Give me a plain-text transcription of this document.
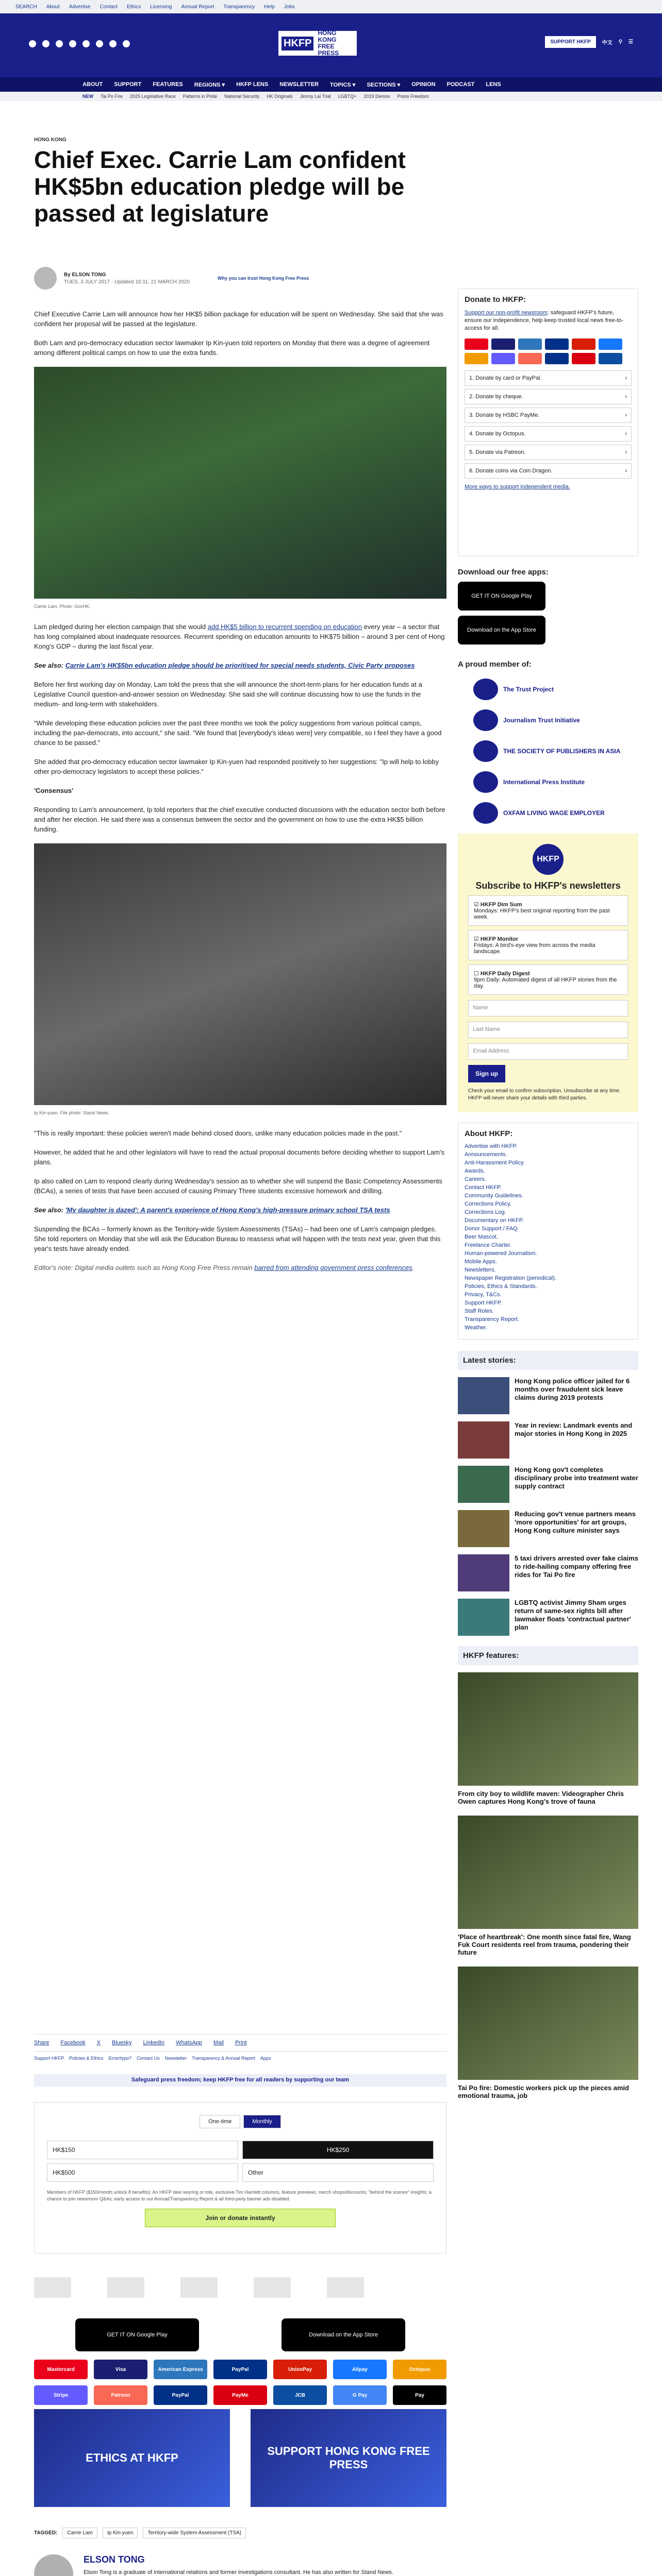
SEARCH About Advertise Contact Ethics Licensing Annual Report Transparency Help Jobs
HKFP
HONG KONG
FREE PRESS
SUPPORT HKFP	中文 ⚲ ☰
ABOUT SUPPORT FEATURES REGIONS ▾ HKFP LENS NEWSLETTER TOPICS ▾ SECTIONS ▾ OPINION PODCAST LENS
NEW Tai Po Fire 2025 Legislative Race Patterns in Pride National Security HK Originals Jimmy Lai Trial LGBTQ+ 2019 Demos Press Freedom
HONG KONG
Chief Exec. Carrie Lam confident HK$5bn education pledge will be passed at legislature
By ELSON TONG
TUES, 3 JULY 2017 · Updated 15:11, 21 MARCH 2020
Why you can trust Hong Kong Free Press

Chief Executive Carrie Lam will announce how her HK$5 billion package for education will be spent on Wednesday. She said that she was confident her proposal will be passed at the legislature.

Both Lam and pro-democracy education sector lawmaker Ip Kin-yuen told reporters on Monday that there was a degree of agreement among different political camps on how to use the extra funds.

Carrie Lam. Photo: GovHK.

Lam pledged during her election campaign that she would add HK$5 billion to recurrent spending on education every year – a sector that has long complained about inadequate resources. Recurrent spending on education amounts to HK$75 billion – around 3 per cent of Hong Kong's GDP – during the last fiscal year.

See also: Carrie Lam's HK$5bn education pledge should be prioritised for special needs students, Civic Party proposes

Before her first working day on Monday, Lam told the press that she will announce the short-term plans for her education funds at a Legislative Council question-and-answer session on Wednesday. She said she will continue discussing how to use the funds in the medium- and long-term with stakeholders.

"While developing these education policies over the past three months we took the policy suggestions from various political camps, including the pan-democrats, into account," she said. "We found that [everybody's ideas were] very compatible, so I feel they have a good chance to be passed."

She added that pro-democracy education sector lawmaker Ip Kin-yuen had responded positively to her suggestions: "Ip will help to lobby other pro-democracy legislators to accept these policies."

'Consensus'

Responding to Lam's announcement, Ip told reporters that the chief executive conducted discussions with the education sector both before and after her election. He said there was a consensus between the sector and the government on how to use the extra HK$5 billion funding.

Ip Kin-yuen. File photo: Stand News.

"This is really important: these policies weren't made behind closed doors, unlike many education policies made in the past."

However, he added that he and other legislators will have to read the actual proposal documents before deciding whether to support Lam's plans.

Ip also called on Lam to respond clearly during Wednesday's session as to whether she will suspend the Basic Competency Assessments (BCAs), a series of tests that have been accused of causing Primary Three students excessive homework and drilling.

See also: 'My daughter is dazed': A parent's experience of Hong Kong's high-pressure primary school TSA tests

Suspending the BCAs – formerly known as the Territory-wide System Assessments (TSAs) – had been one of Lam's campaign pledges. She told reporters on Monday that she will ask the Education Bureau to reassess what will happen with the tests next year, given that this year's tests have already ended.

Editor's note: Digital media outlets such as Hong Kong Free Press remain barred from attending government press conferences.

Share Facebook X Bluesky LinkedIn WhatsApp Mail Print
Support HKFP Policies & Ethics Error/typo? Contact Us Newsletter Transparency & Annual Report Apps
Safeguard press freedom; keep HKFP free for all readers by supporting our team
One-time	Monthly
HK$150	HK$250
HK$500	Other
Members of HKFP ($150/month unlock 8 benefits): An HKFP deer keyring or tote, exclusive Tim Hamlett columns, feature previews; merch shops/discounts; "behind the scenes" insights; a chance to join newsroom Q&As; early access to our Annual/Transparency Report & all third-party banner ads disabled.
Join or donate instantly
GET IT ON Google Play	Download on the App Store
Mastercard	Visa	American Express	PayPal	UnionPay	Alipay	Octopus
Stripe	Patreon	PayPal	PayMe	JCB	G Pay	Pay
ETHICS AT HKFP
SUPPORT HONG KONG FREE PRESS
TAGGED:	Carrie Lam	Ip Kin-yuen	Territory-wide System Assessment (TSA)
ELSON TONG
Elson Tong is a graduate of international relations and former investigations consultant. He has also written for Stand News.
Donate to HKFP:
Support our non-profit newsroom: safeguard HKFP's future, ensure our independence, help keep trusted local news free-to-access for all.
1. Donate by card or PayPal.	›
2. Donate by cheque.	›
3. Donate by HSBC PayMe.	›
4. Donate by Octopus.	›
5. Donate via Patreon.	›
6. Donate coins via Coin Dragon.	›
More ways to support independent media.
Download our free apps:
GET IT ON Google Play
Download on the App Store
A proud member of:
The Trust Project
Journalism Trust Initiative
THE SOCIETY OF PUBLISHERS IN ASIA
International Press Institute
OXFAM LIVING WAGE EMPLOYER
HKFP
Subscribe to HKFP's newsletters
☑ HKFP Dim Sum
Mondays: HKFP's best original reporting from the past week.
☑ HKFP Monitor
Fridays: A bird's-eye view from across the media landscape.
☐ HKFP Daily Digest
9pm Daily: Automated digest of all HKFP stories from the day.
Name
Last Name
Email Address
Sign up
Check your email to confirm subscription. Unsubscribe at any time. HKFP will never share your details with third parties.
About HKFP:
Advertise with HKFP.
Announcements.
Anti-Harassment Policy.
Awards.
Careers.
Contact HKFP.
Community Guidelines.
Corrections Policy.
Corrections Log.
Documentary on HKFP.
Donor Support / FAQ.
Beer Mascot.
Freelance Charter.
Human-powered Journalism.
Mobile Apps.
Newsletters.
Newspaper Registration (periodical).
Policies, Ethics & Standards.
Privacy, T&Cs.
Support HKFP.
Staff Roles.
Transparency Report.
Weather.
Latest stories:
Hong Kong police officer jailed for 6 months over fraudulent sick leave claims during 2019 protests
Year in review: Landmark events and major stories in Hong Kong in 2025
Hong Kong gov't completes disciplinary probe into treatment water supply contract
Reducing gov't venue partners means 'more opportunities' for art groups, Hong Kong culture minister says
5 taxi drivers arrested over fake claims to ride-hailing company offering free rides for Tai Po fire
LGBTQ activist Jimmy Sham urges return of same-sex rights bill after lawmaker floats 'contractual partner' plan
HKFP features:
From city boy to wildlife maven: Videographer Chris Owen captures Hong Kong's trove of fauna
'Place of heartbreak': One month since fatal fire, Wang Fuk Court residents reel from trauma, pondering their future
Tai Po fire: Domestic workers pick up the pieces amid emotional trauma, job
